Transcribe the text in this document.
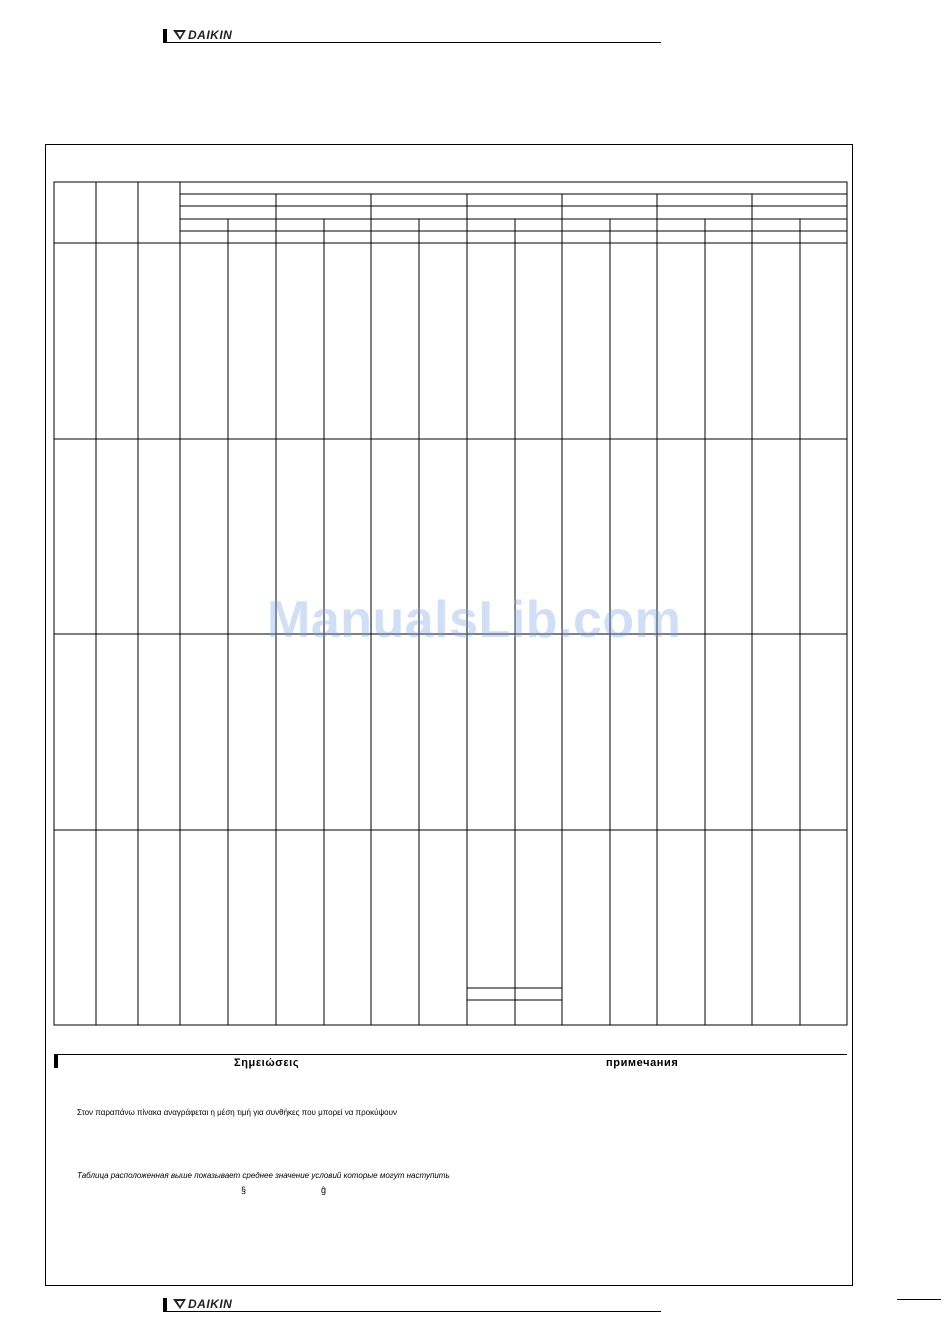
DAIKIN
Σημειώσεις	примечания
Στον παραπάνω πίνακα αναγράφεται η μέση τιμή για συνθήκες που μπορεί να προκύψουν
Таблица расположенная выше показывает среднее значение условий которые могут наступить
§	ĝ
ManualsLib.com
DAIKIN
